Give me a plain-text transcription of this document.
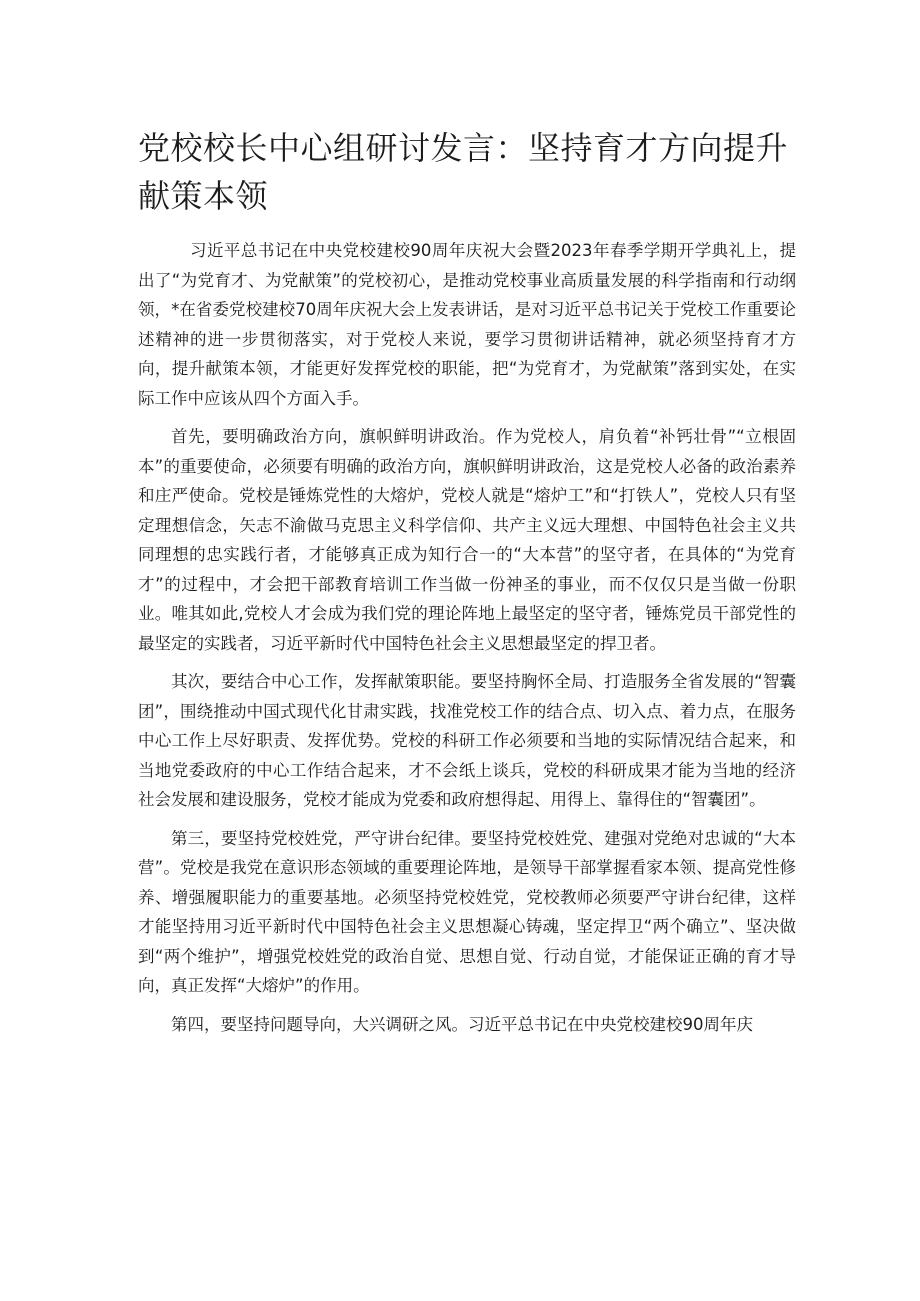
党校校长中心组研讨发言：坚持育才方向提升献策本领

习近平总书记在中央党校建校90周年庆祝大会暨2023年春季学期开学典礼上，提出了“为党育才、为党献策”的党校初心，是推动党校事业高质量发展的科学指南和行动纲领，*在省委党校建校70周年庆祝大会上发表讲话，是对习近平总书记关于党校工作重要论述精神的进一步贯彻落实，对于党校人来说，要学习贯彻讲话精神，就必须坚持育才方向，提升献策本领，才能更好发挥党校的职能，把“为党育才，为党献策”落到实处，在实际工作中应该从四个方面入手。

首先，要明确政治方向，旗帜鲜明讲政治。作为党校人，肩负着“补钙壮骨”“立根固本”的重要使命，必须要有明确的政治方向，旗帜鲜明讲政治，这是党校人必备的政治素养和庄严使命。党校是锤炼党性的大熔炉，党校人就是“熔炉工”和“打铁人”，党校人只有坚定理想信念，矢志不渝做马克思主义科学信仰、共产主义远大理想、中国特色社会主义共同理想的忠实践行者，才能够真正成为知行合一的“大本营”的坚守者，在具体的“为党育才”的过程中，才会把干部教育培训工作当做一份神圣的事业，而不仅仅只是当做一份职业。唯其如此,党校人才会成为我们党的理论阵地上最坚定的坚守者，锤炼党员干部党性的最坚定的实践者，习近平新时代中国特色社会主义思想最坚定的捍卫者。

其次，要结合中心工作，发挥献策职能。要坚持胸怀全局、打造服务全省发展的“智囊团”，围绕推动中国式现代化甘肃实践，找准党校工作的结合点、切入点、着力点，在服务中心工作上尽好职责、发挥优势。党校的科研工作必须要和当地的实际情况结合起来，和当地党委政府的中心工作结合起来，才不会纸上谈兵，党校的科研成果才能为当地的经济社会发展和建设服务，党校才能成为党委和政府想得起、用得上、靠得住的“智囊团”。

第三，要坚持党校姓党，严守讲台纪律。要坚持党校姓党、建强对党绝对忠诚的“大本营”。党校是我党在意识形态领域的重要理论阵地，是领导干部掌握看家本领、提高党性修养、增强履职能力的重要基地。必须坚持党校姓党，党校教师必须要严守讲台纪律，这样才能坚持用习近平新时代中国特色社会主义思想凝心铸魂，坚定捍卫“两个确立”、坚决做到“两个维护”，增强党校姓党的政治自觉、思想自觉、行动自觉，才能保证正确的育才导向，真正发挥“大熔炉”的作用。

第四，要坚持问题导向，大兴调研之风。习近平总书记在中央党校建校90周年庆
